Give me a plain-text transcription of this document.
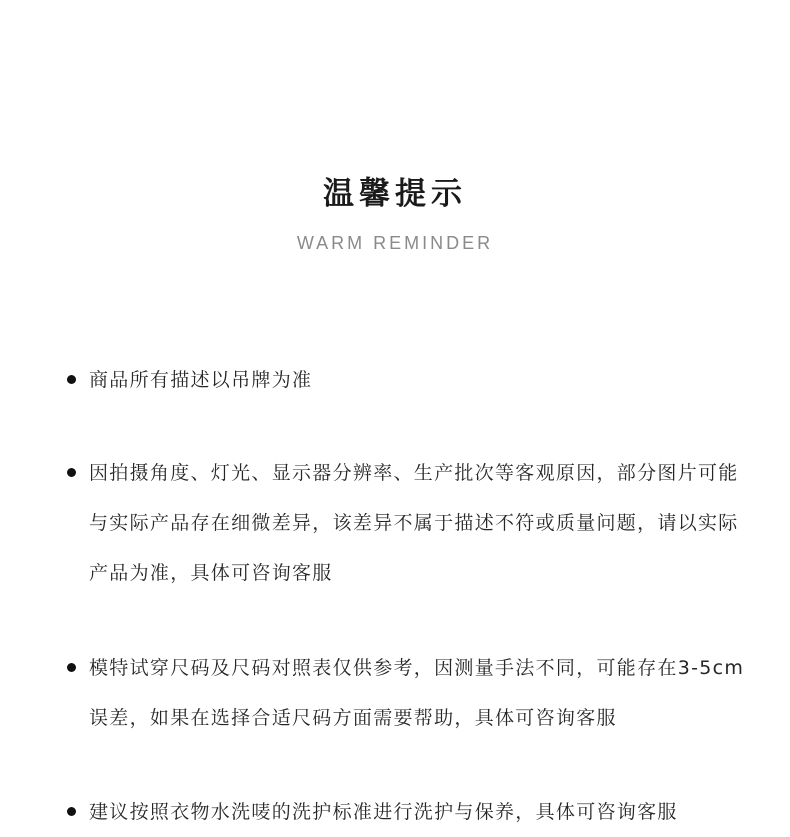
温馨提示
WARM REMINDER

商品所有描述以吊牌为准

因拍摄角度、灯光、显示器分辨率、生产批次等客观原因，部分图片可能与实际产品存在细微差异，该差异不属于描述不符或质量问题，请以实际产品为准，具体可咨询客服

模特试穿尺码及尺码对照表仅供参考，因测量手法不同，可能存在3-5cm误差，如果在选择合适尺码方面需要帮助，具体可咨询客服

建议按照衣物水洗唛的洗护标准进行洗护与保养，具体可咨询客服
